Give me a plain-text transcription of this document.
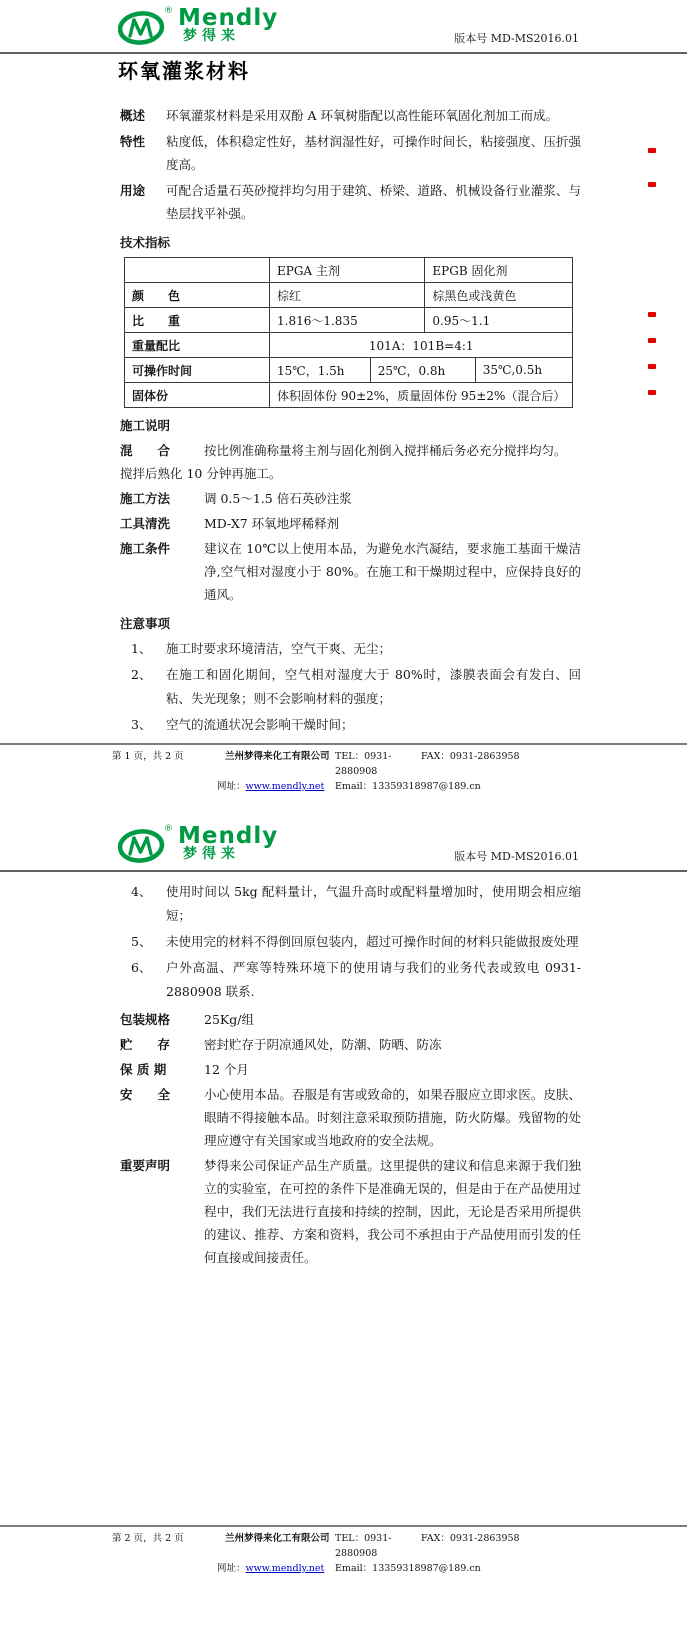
® Mendly
梦得来	版本号 MD-MS2016.01
环氧灌浆材料
概述	环氧灌浆材料是采用双酚 A 环氧树脂配以高性能环氧固化剂加工而成。
特性	粘度低，体积稳定性好，基材润湿性好，可操作时间长，粘接强度、压折强度高。
用途	可配合适量石英砂搅拌均匀用于建筑、桥梁、道路、机械设备行业灌浆、与垫层找平补强。
技术指标
	EPGA 主剂		EPGB 固化剂	
颜　　色	棕红		棕黑色或浅黄色	
比　　重	1.816～1.835		0.95～1.1	
重量配比	101A：101B=4:1			
可操作时间	15℃，1.5h	25℃，0.8h		35℃,0.5h
固体份	体积固体份 90±2%，质量固体份 95±2%（混合后）			
施工说明
混　　合	按比例准确称量将主剂与固化剂倒入搅拌桶后务必充分搅拌均匀。
搅拌后熟化 10 分钟再施工。
施工方法	调 0.5～1.5 倍石英砂注浆
工具清洗	MD-X7 环氧地坪稀释剂
施工条件	建议在 10℃以上使用本品，为避免水汽凝结，要求施工基面干燥洁净,空气相对湿度小于 80%。在施工和干燥期过程中，应保持良好的通风。
注意事项
1、	施工时要求环境清洁，空气干爽、无尘；
2、	在施工和固化期间，空气相对湿度大于 80%时，漆膜表面会有发白、回粘、失光现象；则不会影响材料的强度；
3、	空气的流通状况会影响干燥时间；
第 1 页，共 2 页	兰州梦得来化工有限公司 TEL：0931-2880908
FAX：0931-2863958
网址：www.mendly.net	Email：13359318987@189.cn
® Mendly
梦得来	版本号 MD-MS2016.01
4、	使用时间以 5kg 配料量计，气温升高时或配料量增加时，使用期会相应缩短；
5、	未使用完的材料不得倒回原包装内，超过可操作时间的材料只能做报废处理
6、	户外高温、严寒等特殊环境下的使用请与我们的业务代表或致电 0931-2880908 联系.
包装规格	25Kg/组
贮　　存	密封贮存于阴凉通风处，防潮、防晒、防冻
保 质 期	12 个月
安　　全	小心使用本品。吞服是有害或致命的，如果吞服应立即求医。皮肤、眼睛不得接触本品。时刻注意采取预防措施，防火防爆。残留物的处理应遵守有关国家或当地政府的安全法规。
重要声明	梦得来公司保证产品生产质量。这里提供的建议和信息来源于我们独立的实验室，在可控的条件下是准确无误的，但是由于在产品使用过程中，我们无法进行直接和持续的控制，因此，无论是否采用所提供的建议、推荐、方案和资料，我公司不承担由于产品使用而引发的任何直接或间接责任。
第 2 页，共 2 页	兰州梦得来化工有限公司 TEL：0931-2880908
FAX：0931-2863958
网址：www.mendly.net	Email：13359318987@189.cn
